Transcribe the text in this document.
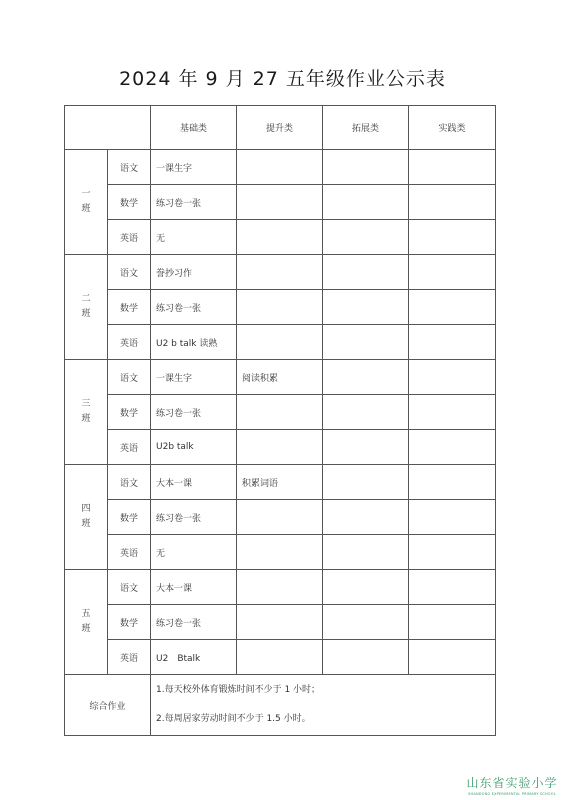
2024 年 9 月 27 五年级作业公示表
		基础类	提升类	拓展类	实践类

一
班	语文	一课生字			
	数学	练习卷一张			
	英语	无			

二
班	语文	誊抄习作			
	数学	练习卷一张			
	英语	U2 b talk 读熟			

三
班	语文	一课生字	阅读积累		
	数学	练习卷一张			
	英语	U2b talk			

四
班	语文	大本一课	积累词语		
	数学	练习卷一张			
	英语	无			

五
班	语文	大本一课			
	数学	练习卷一张			
	英语	U2　Btalk			
综合作业		1.每天校外体育锻炼时间不少于 1 小时；
2.每周居家劳动时间不少于 1.5 小时。			
山东省实验小学
SHANDONG EXPERIMENTAL PRIMARY SCHOOL
